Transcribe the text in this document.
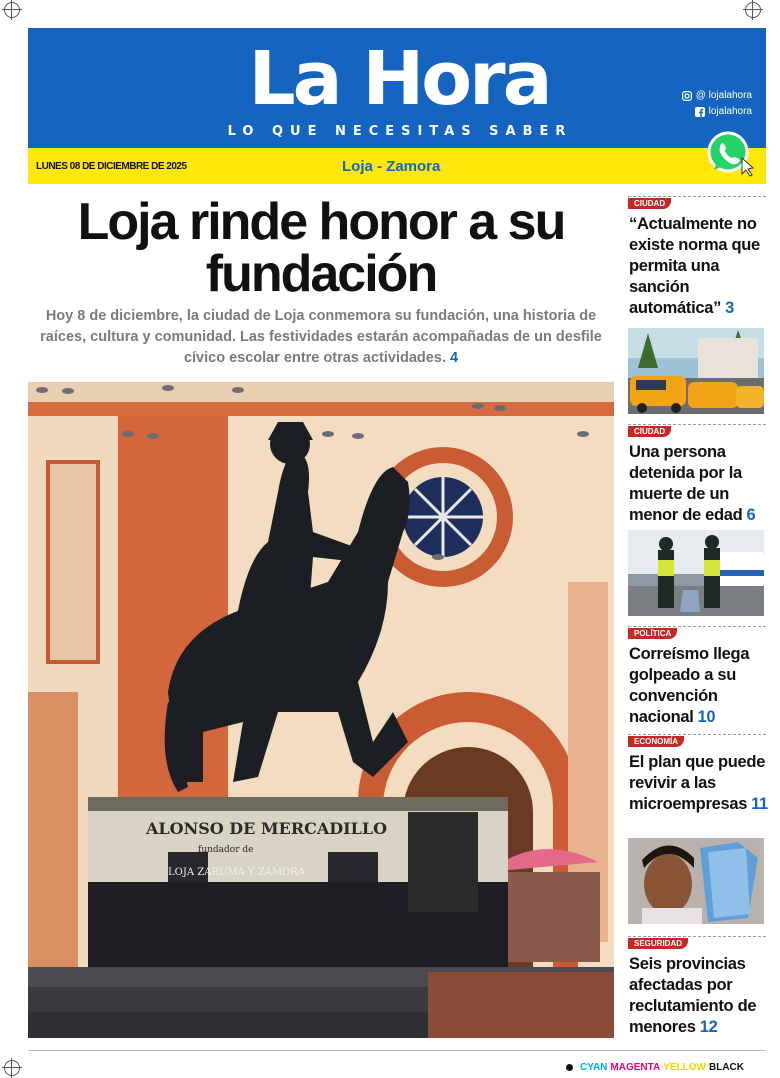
La Hora
LO QUE NECESITAS SABER
@ lojalahora
lojalahora
LUNES 08 DE DICIEMBRE DE 2025	Loja - Zamora
Loja rinde honor a su fundación

Hoy 8 de diciembre, la ciudad de Loja conmemora su fundación, una historia de raíces, cultura y comunidad. Las festividades estarán acompañadas de un desfile cívico escolar entre otras actividades. 4

ALONSO DE MERCADILLO
fundador de
LOJA ZARUMA Y ZAMORA
CIUDAD
“Actualmente no existe norma que permita una sanción automática” 3
CIUDAD
Una persona detenida por la muerte de un menor de edad 6
POLÍTICA
Correísmo llega golpeado a su convención nacional 10
ECONOMÍA
El plan que puede revivir a las microempresas 11
SEGURIDAD
Seis provincias afectadas por reclutamiento de menores 12
CYAN MAGENTA YELLOW BLACK
